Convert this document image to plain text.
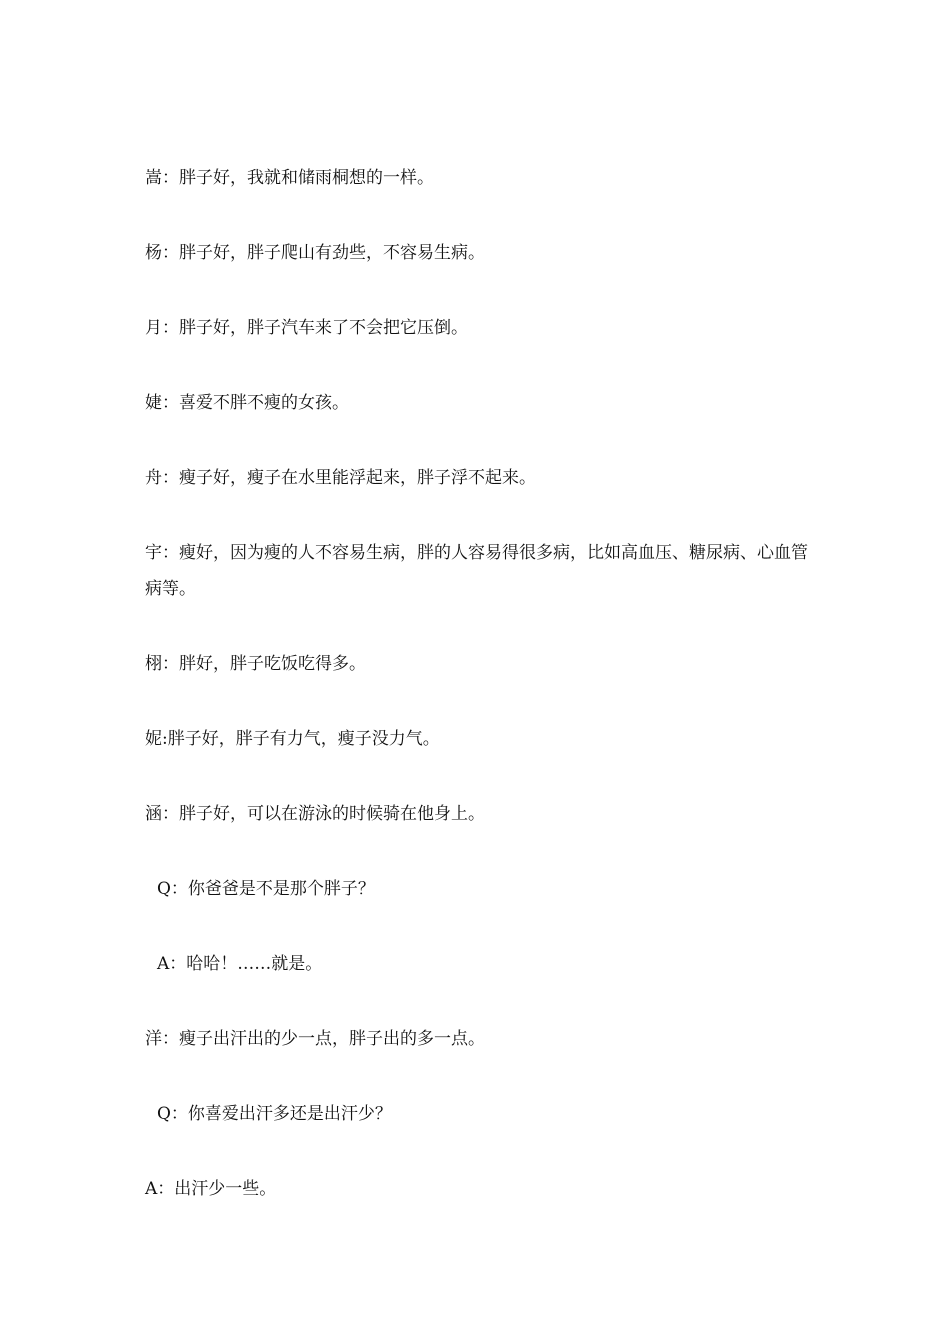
嵩：胖子好，我就和储雨桐想的一样。

杨：胖子好，胖子爬山有劲些，不容易生病。

月：胖子好，胖子汽车来了不会把它压倒。

婕：喜爱不胖不瘦的女孩。

舟：瘦子好，瘦子在水里能浮起来，胖子浮不起来。

宇：瘦好，因为瘦的人不容易生病，胖的人容易得很多病，比如高血压、糖尿病、心血管病等。

栩：胖好，胖子吃饭吃得多。

妮:胖子好，胖子有力气，瘦子没力气。

涵：胖子好，可以在游泳的时候骑在他身上。

Q：你爸爸是不是那个胖子？

A：哈哈！……就是。

洋：瘦子出汗出的少一点，胖子出的多一点。

Q：你喜爱出汗多还是出汗少？

A：出汗少一些。
